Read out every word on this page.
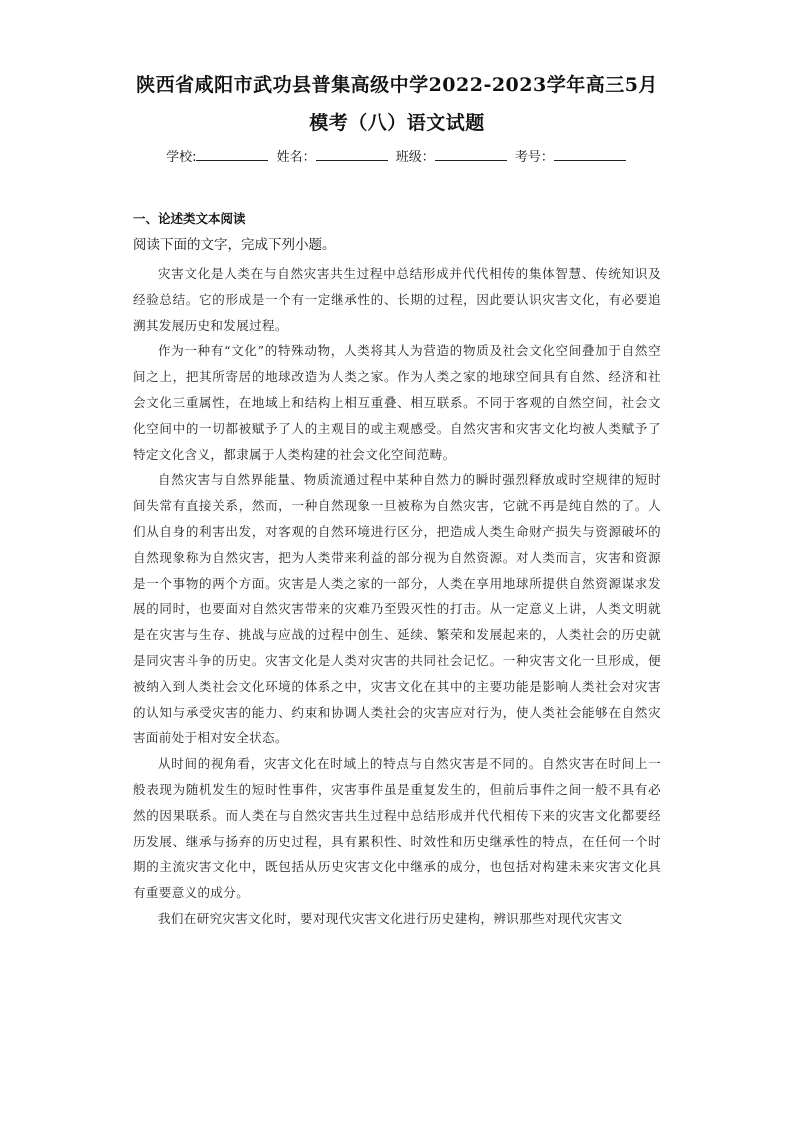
陕西省咸阳市武功县普集高级中学2022-2023学年高三5月
模考（八）语文试题
学校:	姓名：	班级：	考号：
一、论述类文本阅读
阅读下面的文字，完成下列小题。

灾害文化是人类在与自然灾害共生过程中总结形成并代代相传的集体智慧、传统知识及经验总结。它的形成是一个有一定继承性的、长期的过程，因此要认识灾害文化，有必要追溯其发展历史和发展过程。

作为一种有“文化”的特殊动物，人类将其人为营造的物质及社会文化空间叠加于自然空间之上，把其所寄居的地球改造为人类之家。作为人类之家的地球空间具有自然、经济和社会文化三重属性，在地域上和结构上相互重叠、相互联系。不同于客观的自然空间，社会文化空间中的一切都被赋予了人的主观目的或主观感受。自然灾害和灾害文化均被人类赋予了特定文化含义，都隶属于人类构建的社会文化空间范畴。

自然灾害与自然界能量、物质流通过程中某种自然力的瞬时强烈释放或时空规律的短时间失常有直接关系，然而，一种自然现象一旦被称为自然灾害，它就不再是纯自然的了。人们从自身的利害出发，对客观的自然环境进行区分，把造成人类生命财产损失与资源破坏的自然现象称为自然灾害，把为人类带来利益的部分视为自然资源。对人类而言，灾害和资源是一个事物的两个方面。灾害是人类之家的一部分，人类在享用地球所提供自然资源谋求发展的同时，也要面对自然灾害带来的灾难乃至毁灭性的打击。从一定意义上讲，人类文明就是在灾害与生存、挑战与应战的过程中创生、延续、繁荣和发展起来的，人类社会的历史就是同灾害斗争的历史。灾害文化是人类对灾害的共同社会记忆。一种灾害文化一旦形成，便被纳入到人类社会文化环境的体系之中，灾害文化在其中的主要功能是影响人类社会对灾害的认知与承受灾害的能力、约束和协调人类社会的灾害应对行为，使人类社会能够在自然灾害面前处于相对安全状态。

从时间的视角看，灾害文化在时域上的特点与自然灾害是不同的。自然灾害在时间上一般表现为随机发生的短时性事件，灾害事件虽是重复发生的，但前后事件之间一般不具有必然的因果联系。而人类在与自然灾害共生过程中总结形成并代代相传下来的灾害文化都要经历发展、继承与扬弃的历史过程，具有累积性、时效性和历史继承性的特点，在任何一个时期的主流灾害文化中，既包括从历史灾害文化中继承的成分，也包括对构建未来灾害文化具有重要意义的成分。

我们在研究灾害文化时，要对现代灾害文化进行历史建构，辨识那些对现代灾害文
